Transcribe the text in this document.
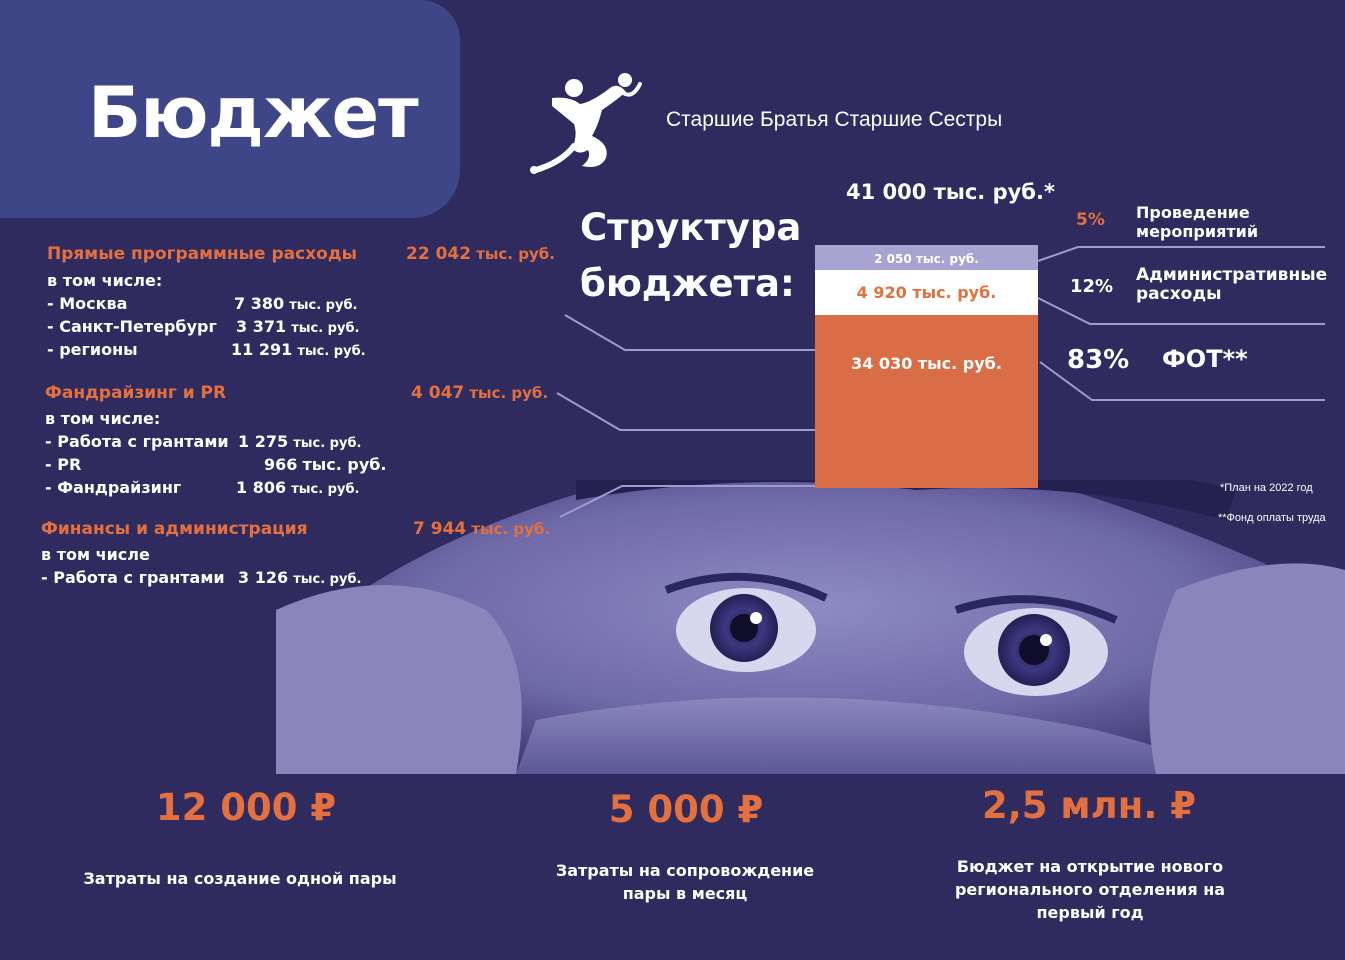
Бюджет	Старшие Братья Старшие Сестры
Прямые программные расходы	22 042 тыс. руб.
в том числе:
- Москва	7 380 тыс. руб.
- Санкт-Петербург 3 371 тыс. руб.
- регионы	11 291 тыс. руб.
Фандрайзинг и PR	4 047 тыс. руб.
в том числе:
- Работа с грантами 1 275 тыс. руб.
- PR	966 тыс. руб.
- Фандрайзинг	1 806 тыс. руб.
Финансы и администрация	7 944 тыс. руб.
в том числе
- Работа с грантами 3 126 тыс. руб.
Структура
бюджета:
41 000 тыс. руб.*
2 050 тыс. руб.
4 920 тыс. руб.
34 030 тыс. руб.
5% Проведение
мероприятий
12%
Административные
расходы
83% ФОТ**
*План на 2022 год
**Фонд оплаты труда
12 000 ₽
Затраты на создание одной пары
5 000 ₽
Затраты на сопровождение
пары в месяц
2,5 млн. ₽
Бюджет на открытие нового
регионального отделения на
первый год
